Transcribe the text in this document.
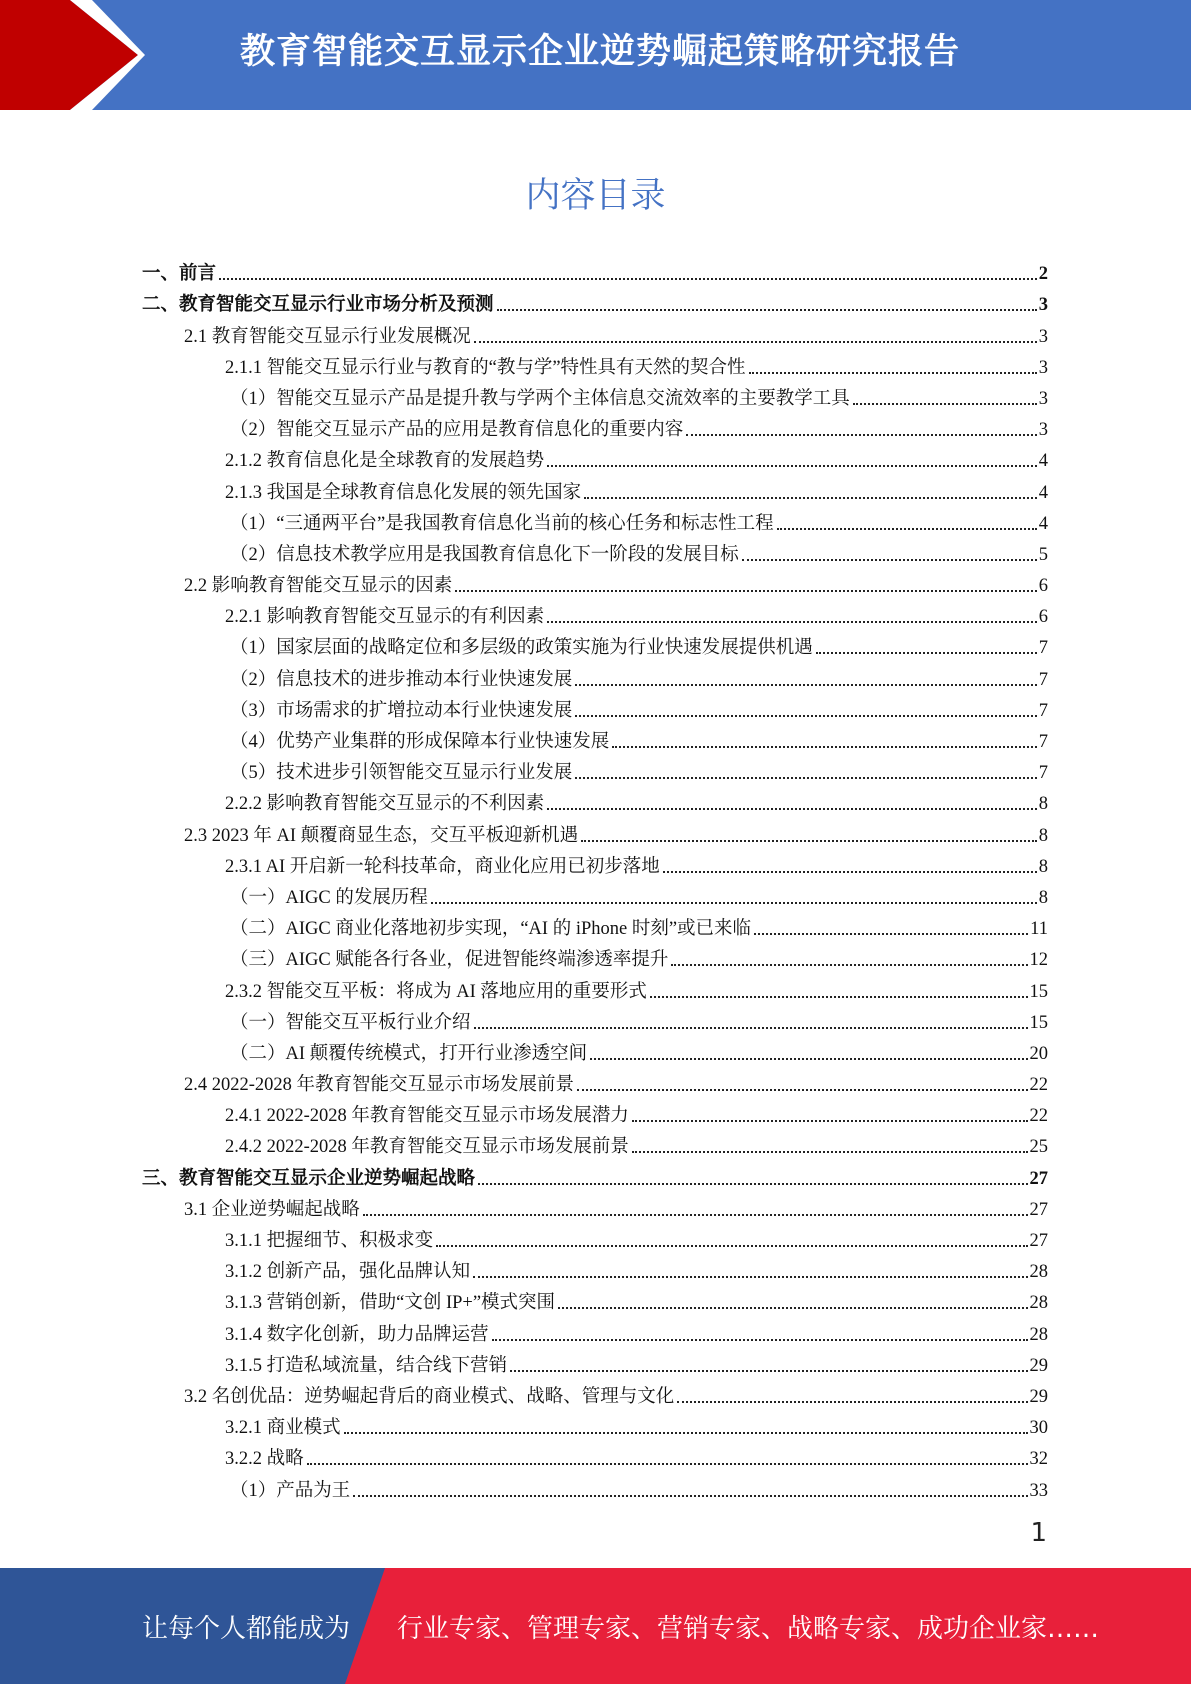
教育智能交互显示企业逆势崛起策略研究报告
内容目录
一、前言	2
二、教育智能交互显示行业市场分析及预测	3
2.1 教育智能交互显示行业发展概况	3
2.1.1 智能交互显示行业与教育的“教与学”特性具有天然的契合性	3
（1）智能交互显示产品是提升教与学两个主体信息交流效率的主要教学工具	3
（2）智能交互显示产品的应用是教育信息化的重要内容	3
2.1.2 教育信息化是全球教育的发展趋势	4
2.1.3 我国是全球教育信息化发展的领先国家	4
（1）“三通两平台”是我国教育信息化当前的核心任务和标志性工程	4
（2）信息技术教学应用是我国教育信息化下一阶段的发展目标	5
2.2 影响教育智能交互显示的因素	6
2.2.1 影响教育智能交互显示的有利因素	6
（1）国家层面的战略定位和多层级的政策实施为行业快速发展提供机遇	7
（2）信息技术的进步推动本行业快速发展	7
（3）市场需求的扩增拉动本行业快速发展	7
（4）优势产业集群的形成保障本行业快速发展	7
（5）技术进步引领智能交互显示行业发展	7
2.2.2 影响教育智能交互显示的不利因素	8
2.3 2023 年 AI 颠覆商显生态，交互平板迎新机遇	8
2.3.1 AI 开启新一轮科技革命，商业化应用已初步落地	8
（一）AIGC 的发展历程	8
（二）AIGC 商业化落地初步实现，“AI 的 iPhone 时刻”或已来临	11
（三）AIGC 赋能各行各业，促进智能终端渗透率提升	12
2.3.2 智能交互平板：将成为 AI 落地应用的重要形式	15
（一）智能交互平板行业介绍	15
（二）AI 颠覆传统模式，打开行业渗透空间	20
2.4 2022-2028 年教育智能交互显示市场发展前景	22
2.4.1 2022-2028 年教育智能交互显示市场发展潜力	22
2.4.2 2022-2028 年教育智能交互显示市场发展前景	25
三、教育智能交互显示企业逆势崛起战略	27
3.1 企业逆势崛起战略	27
3.1.1 把握细节、积极求变	27
3.1.2 创新产品，强化品牌认知	28
3.1.3 营销创新，借助“文创 IP+”模式突围	28
3.1.4 数字化创新，助力品牌运营	28
3.1.5 打造私域流量，结合线下营销	29
3.2 名创优品：逆势崛起背后的商业模式、战略、管理与文化	29
3.2.1 商业模式	30
3.2.2 战略	32
（1）产品为王	33
1
让每个人都能成为 行业专家、管理专家、营销专家、战略专家、成功企业家……
